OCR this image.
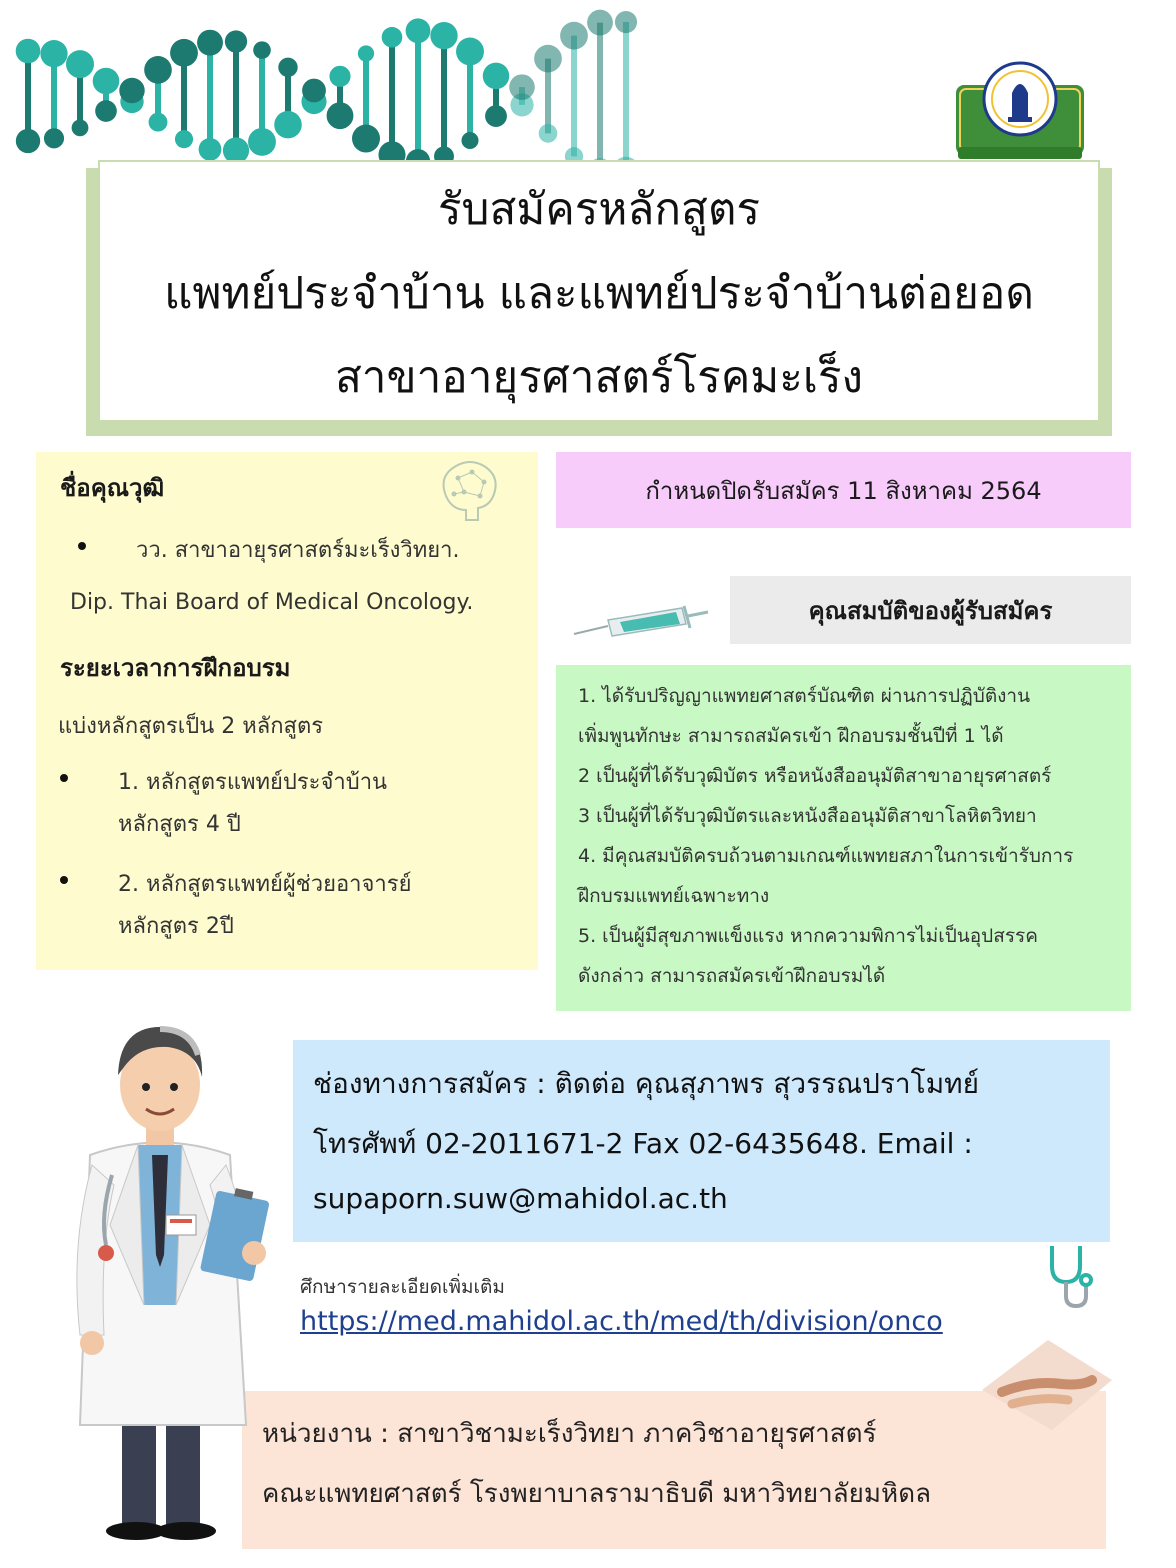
รับสมัครหลักสูตร
แพทย์ประจำบ้าน และแพทย์ประจำบ้านต่อยอด
สาขาอายุรศาสตร์โรคมะเร็ง
ชื่อคุณวุฒิ
วว. สาขาอายุรศาสตร์มะเร็งวิทยา.
Dip. Thai Board of Medical Oncology.
ระยะเวลาการฝึกอบรม
แบ่งหลักสูตรเป็น 2 หลักสูตร
1. หลักสูตรแพทย์ประจำบ้าน
หลักสูตร 4 ปี
2. หลักสูตรแพทย์ผู้ช่วยอาจารย์
หลักสูตร 2ปี
กำหนดปิดรับสมัคร 11 สิงหาคม 2564
คุณสมบัติของผู้รับสมัคร
1. ได้รับปริญญาแพทยศาสตร์บัณฑิต ผ่านการปฏิบัติงาน
เพิ่มพูนทักษะ สามารถสมัครเข้า ฝึกอบรมชั้นปีที่ 1 ได้
2 เป็นผู้ที่ได้รับวุฒิบัตร หรือหนังสืออนุมัติสาขาอายุรศาสตร์
3 เป็นผู้ที่ได้รับวุฒิบัตรและหนังสืออนุมัติสาขาโลหิตวิทยา
4. มีคุณสมบัติครบถ้วนตามเกณฑ์แพทยสภาในการเข้ารับการ
ฝึกบรมแพทย์เฉพาะทาง
5. เป็นผู้มีสุขภาพแข็งแรง หากความพิการไม่เป็นอุปสรรค
ดังกล่าว สามารถสมัครเข้าฝึกอบรมได้
ช่องทางการสมัคร : ติดต่อ คุณสุภาพร สุวรรณปราโมทย์
โทรศัพท์ 02-2011671-2 Fax 02-6435648. Email :
supaporn.suw@mahidol.ac.th
ศึกษารายละเอียดเพิ่มเติม
https://med.mahidol.ac.th/med/th/division/onco
หน่วยงาน : สาขาวิชามะเร็งวิทยา ภาควิชาอายุรศาสตร์
คณะแพทยศาสตร์ โรงพยาบาลรามาธิบดี มหาวิทยาลัยมหิดล
